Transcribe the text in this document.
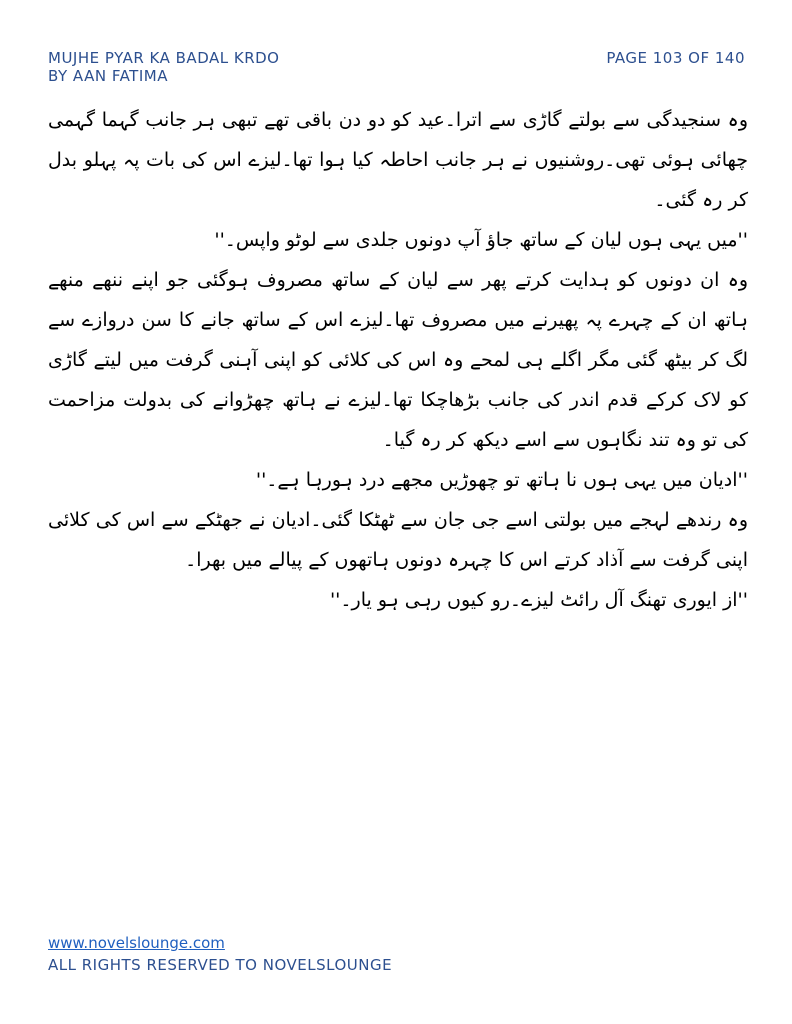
MUJHE PYAR KA BADAL KRDO
BY AAN FATIMA
PAGE 103 OF 140

وہ سنجیدگی سے بولتے گاڑی سے اترا۔عید کو دو دن باقی تھے تبھی ہر جانب گہما گہمی چھائی ہوئی تھی۔روشنیوں نے ہر جانب احاطہ کیا ہوا تھا۔لیزے اس کی بات پہ پہلو بدل کر رہ گئی۔

''میں یہی ہوں لیان کے ساتھ جاؤ آپ دونوں جلدی سے لوٹو واپس۔''

وہ ان دونوں کو ہدایت کرتے پھر سے لیان کے ساتھ مصروف ہوگئی جو اپنے ننھے منھے ہاتھ ان کے چہرے پہ پھیرنے میں مصروف تھا۔لیزے اس کے ساتھ جانے کا سن دروازے سے لگ کر بیٹھ گئی مگر اگلے ہی لمحے وہ اس کی کلائی کو اپنی آہنی گرفت میں لیتے گاڑی کو لاک کرکے قدم اندر کی جانب بڑھاچکا تھا۔لیزے نے ہاتھ چھڑوانے کی بدولت مزاحمت کی تو وہ تند نگاہوں سے اسے دیکھ کر رہ گیا۔

''ادیان میں یہی ہوں نا ہاتھ تو چھوڑیں مجھے درد ہورہا ہے۔''

وہ رندھے لہجے میں بولتی اسے جی جان سے ٹھٹکا گئی۔ادیان نے جھٹکے سے اس کی کلائی اپنی گرفت سے آذاد کرتے اس کا چہرہ دونوں ہاتھوں کے پیالے میں بھرا۔

''از ایوری تھنگ آل رائٹ لیزے۔رو کیوں رہی ہو یار۔''

www.novelslounge.com
ALL RIGHTS RESERVED TO NOVELSLOUNGE
